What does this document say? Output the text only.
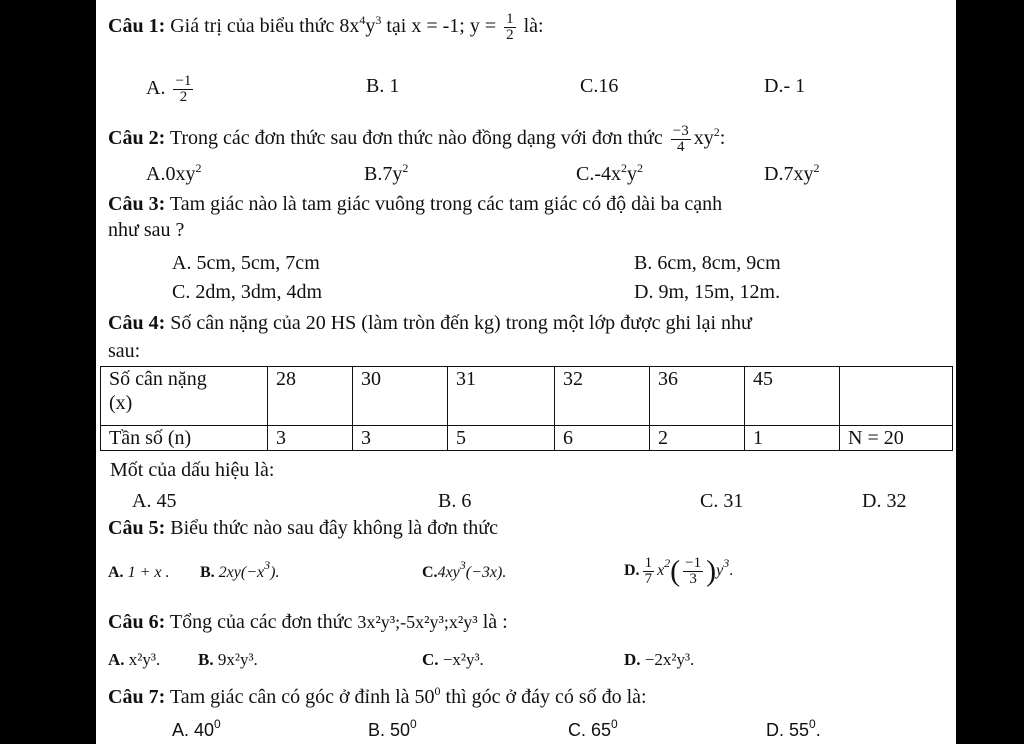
Câu 1: Giá trị của biểu thức $8x^4y^3$ tại x = -1; $y = \frac{1}{2}$ là:
A. $\frac{-1}{2}$	B. 1	C.16	D.- 1
Câu 2: Trong các đơn thức sau đơn thức nào đồng dạng với đơn thức $\frac{-3}{4} xy^2$:
$A.0xy^2$	$B.7y^2$	$C.-4x^2y^2$	$D.7xy^2$
Câu 3: Tam giác nào là tam giác vuông trong các tam giác có độ dài ba cạnh
như sau ?
A. 5cm, 5cm, 7cm	B. 6cm, 8cm, 9cm
C. 2dm, 3dm, 4dm	D. 9m, 15m, 12m.
Câu 4: Số cân nặng của 20 HS (làm tròn đến kg) trong một lớp được ghi lại như
sau:
Số cân nặng
(x)	28	30	31	32	36	45	
Tần số (n)	3	3	5	6	2	1	N = 20
Mốt của dấu hiệu là:
A. 45	B. 6	C. 31	D. 32
Câu 5: Biểu thức nào sau đây không là đơn thức
A. 1 + x . B. $2xy(-x^3)$.	$C.4xy^3(-3x)$.	D. $\frac{1}{7} x^2( \frac{-1}{3} )y^3$.
Câu 6: Tổng của các đơn thức 3x²y³;-5x²y³;x²y³ là :
A. x²y³. B. 9x²y³.	C. −x²y³.	D. −2x²y³.
Câu 7: Tam giác cân có góc ở đỉnh là $50^0$ thì góc ở đáy có số đo là:
A. $40^0$	B. $50^0$	C. $65^0$	D. $55^0$.
